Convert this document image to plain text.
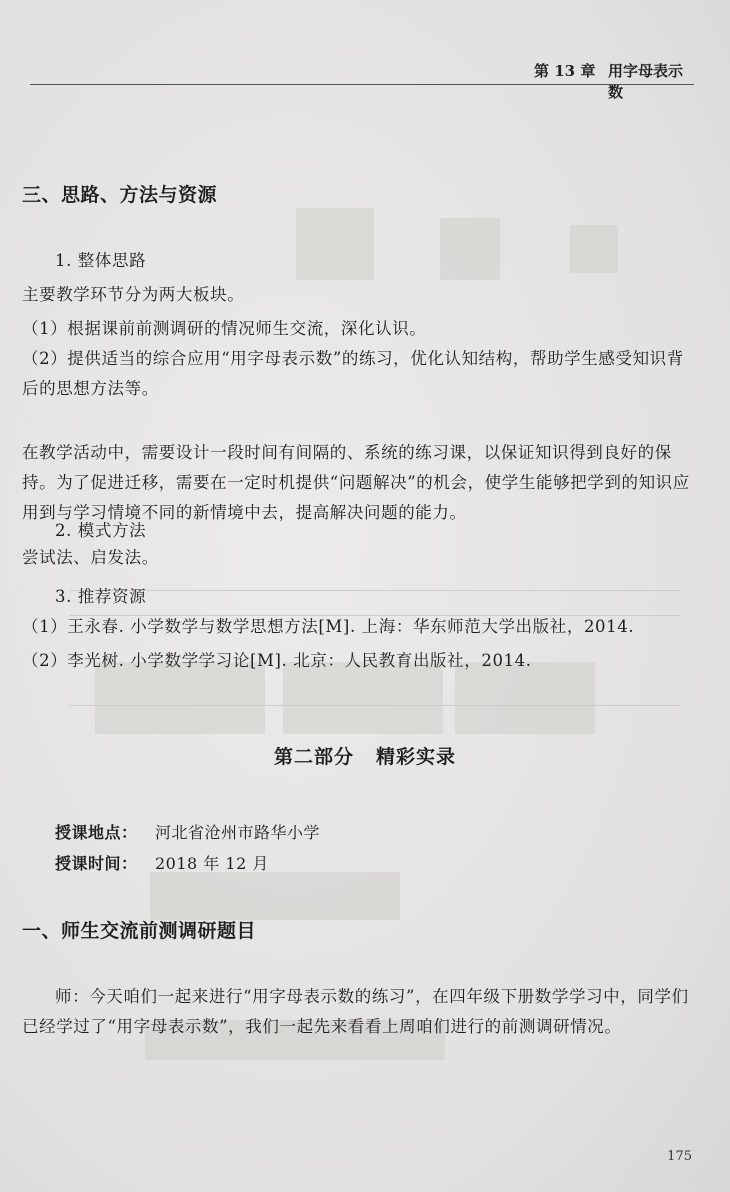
第 13 章 用字母表示数
三、思路、方法与资源
1. 整体思路
主要教学环节分为两大板块。
（1）根据课前前测调研的情况师生交流，深化认识。
（2）提供适当的综合应用“用字母表示数”的练习，优化认知结构，帮助学生感受知识背后的思想方法等。
在教学活动中，需要设计一段时间有间隔的、系统的练习课，以保证知识得到良好的保持。为了促进迁移，需要在一定时机提供“问题解决”的机会，使学生能够把学到的知识应用到与学习情境不同的新情境中去，提高解决问题的能力。
2. 模式方法
尝试法、启发法。
3. 推荐资源
（1）王永春. 小学数学与数学思想方法[M]. 上海：华东师范大学出版社，2014.
（2）李光树. 小学数学学习论[M]. 北京：人民教育出版社，2014.
第二部分 精彩实录
授课地点： 河北省沧州市路华小学
授课时间： 2018 年 12 月
一、师生交流前测调研题目
师：今天咱们一起来进行“用字母表示数的练习”，在四年级下册数学学习中，同学们已经学过了“用字母表示数”，我们一起先来看看上周咱们进行的前测调研情况。
175
